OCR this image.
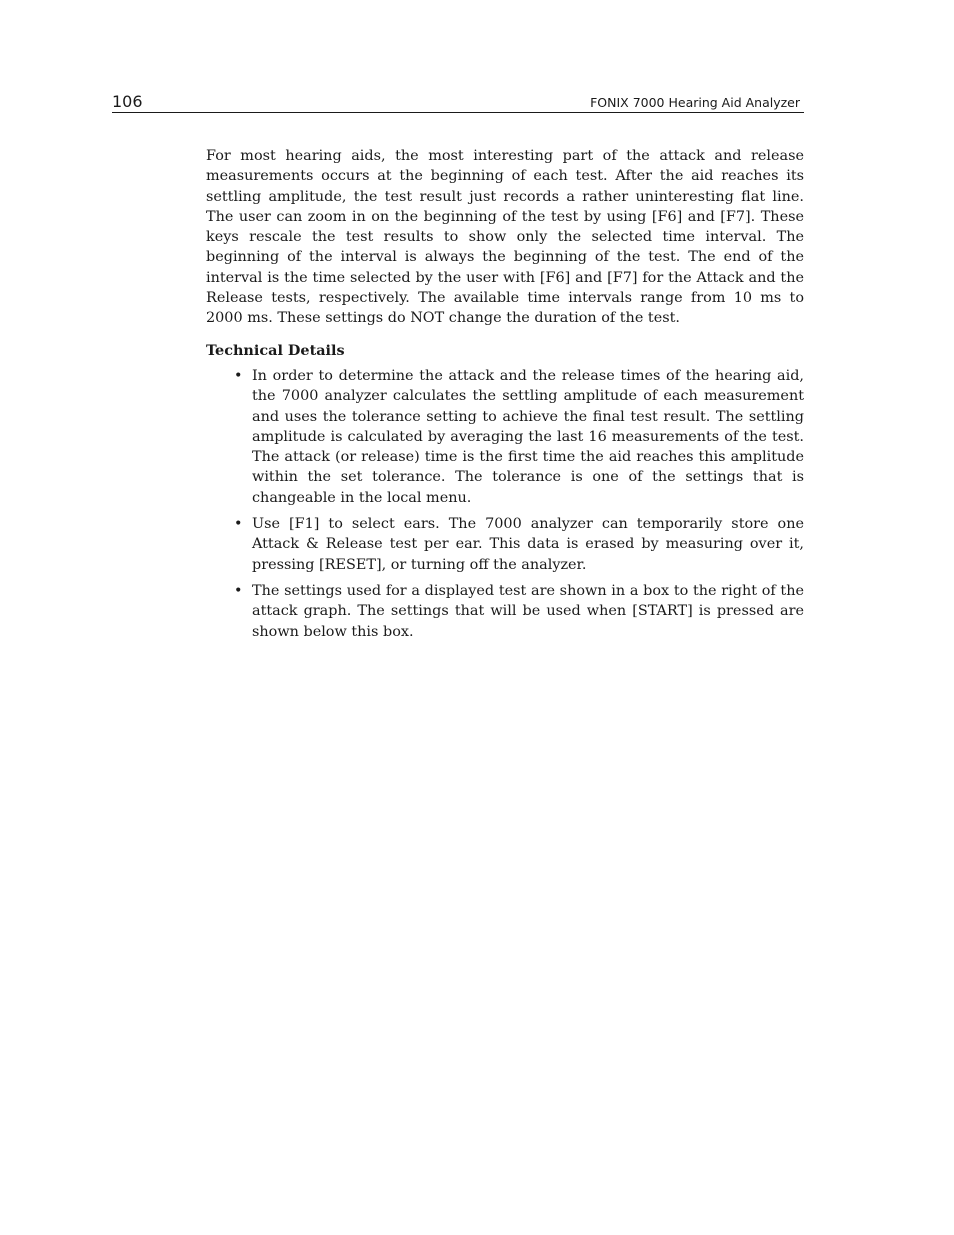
106	FONIX 7000 Hearing Aid Analyzer

For most hearing aids, the most interesting part of the attack and release measurements occurs at the beginning of each test. After the aid reaches its settling amplitude, the test result just records a rather uninteresting flat line. The user can zoom in on the beginning of the test by using [F6] and [F7]. These keys rescale the test results to show only the selected time interval. The beginning of the interval is always the beginning of the test. The end of the interval is the time selected by the user with [F6] and [F7] for the Attack and the Release tests, respectively. The available time intervals range from 10 ms to 2000 ms. These settings do NOT change the duration of the test.

Technical Details
• In order to determine the attack and the release times of the hearing aid, the 7000 analyzer calculates the settling amplitude of each measurement and uses the tolerance setting to achieve the final test result. The settling amplitude is calculated by averaging the last 16 measurements of the test. The attack (or release) time is the first time the aid reaches this amplitude within the set tolerance. The tolerance is one of the settings that is changeable in the local menu.
• Use [F1] to select ears. The 7000 analyzer can temporarily store one Attack & Release test per ear. This data is erased by measuring over it, pressing [RESET], or turning off the analyzer.
• The settings used for a displayed test are shown in a box to the right of the attack graph. The settings that will be used when [START] is pressed are shown below this box.
